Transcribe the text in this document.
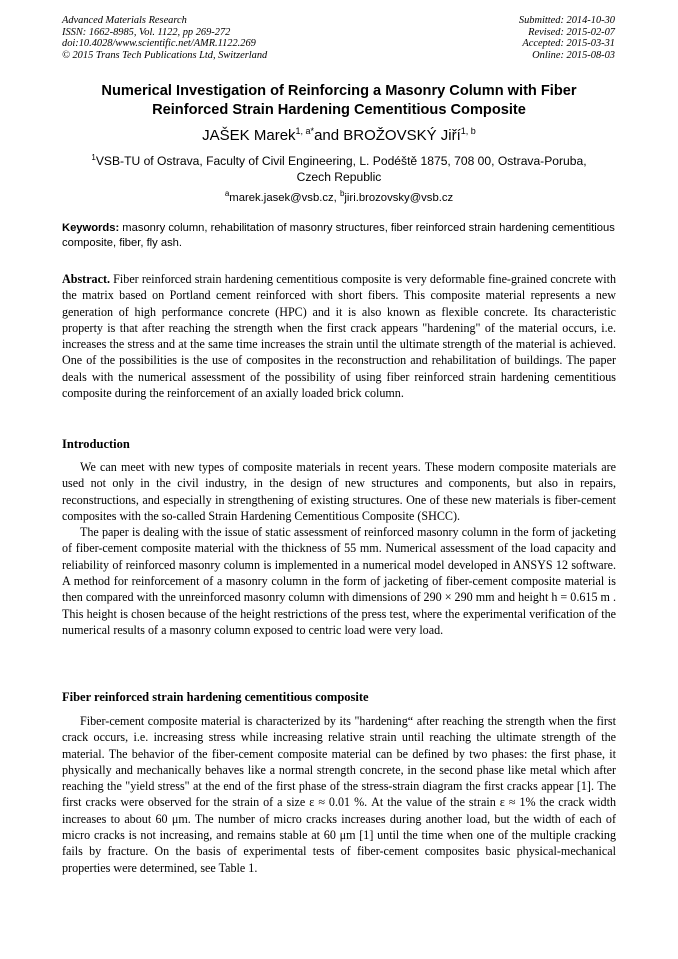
Advanced Materials Research
ISSN: 1662-8985, Vol. 1122, pp 269-272
doi:10.4028/www.scientific.net/AMR.1122.269
© 2015 Trans Tech Publications Ltd, Switzerland
Submitted: 2014-10-30
Revised: 2015-02-07
Accepted: 2015-03-31
Online: 2015-08-03
Numerical Investigation of Reinforcing a Masonry Column with Fiber
Reinforced Strain Hardening Cementitious Composite
JAŠEK Marek$^{1, a*}$and BROŽOVSKÝ Jiří$^{1, b}$
$^1$VSB-TU of Ostrava, Faculty of Civil Engineering, L. Podéště 1875, 708 00, Ostrava-Poruba,
Czech Republic
$^a$marek.jasek@vsb.cz, $^b$jiri.brozovsky@vsb.cz
Keywords: masonry column, rehabilitation of masonry structures, fiber reinforced strain hardening cementitious composite, fiber, fly ash.

Abstract. Fiber reinforced strain hardening cementitious composite is very deformable fine-grained concrete with the matrix based on Portland cement reinforced with short fibers. This composite material represents a new generation of high performance concrete (HPC) and it is also known as flexible concrete. Its characteristic property is that after reaching the strength when the first crack appears "hardening" of the material occurs, i.e. increases the stress and at the same time increases the strain until the ultimate strength of the material is achieved. One of the possibilities is the use of composites in the reconstruction and rehabilitation of buildings. The paper deals with the numerical assessment of the possibility of using fiber reinforced strain hardening cementitious composite during the reinforcement of an axially loaded brick column.

Introduction

We can meet with new types of composite materials in recent years. These modern composite materials are used not only in the civil industry, in the design of new structures and components, but also in repairs, reconstructions, and especially in strengthening of existing structures. One of these new materials is fiber-cement composites with the so-called Strain Hardening Cementitious Composite (SHCC).

The paper is dealing with the issue of static assessment of reinforced masonry column in the form of jacketing of fiber-cement composite material with the thickness of 55 mm. Numerical assessment of the load capacity and reliability of reinforced masonry column is implemented in a numerical model developed in ANSYS 12 software. A method for reinforcement of a masonry column in the form of jacketing of fiber-cement composite material is then compared with the unreinforced masonry column with dimensions of 290 × 290 mm and height h = 0.615 m . This height is chosen because of the height restrictions of the press test, where the experimental verification of the numerical results of a masonry column exposed to centric load were very load.

Fiber reinforced strain hardening cementitious composite

Fiber-cement composite material is characterized by its "hardening“ after reaching the strength when the first crack occurs, i.e. increasing stress while increasing relative strain until reaching the ultimate strength of the material. The behavior of the fiber-cement composite material can be defined by two phases: the first phase, it physically and mechanically behaves like a normal strength concrete, in the second phase like metal which after reaching the "yield stress" at the end of the first phase of the stress-strain diagram the first cracks appear [1]. The first cracks were observed for the strain of a size ε ≈ 0.01 %. At the value of the strain ε ≈ 1% the crack width increases to about 60 μm. The number of micro cracks increases during another load, but the width of each of micro cracks is not increasing, and remains stable at 60 μm [1] until the time when one of the multiple cracking fails by fracture. On the basis of experimental tests of fiber-cement composites basic physical-mechanical properties were determined, see Table 1.
